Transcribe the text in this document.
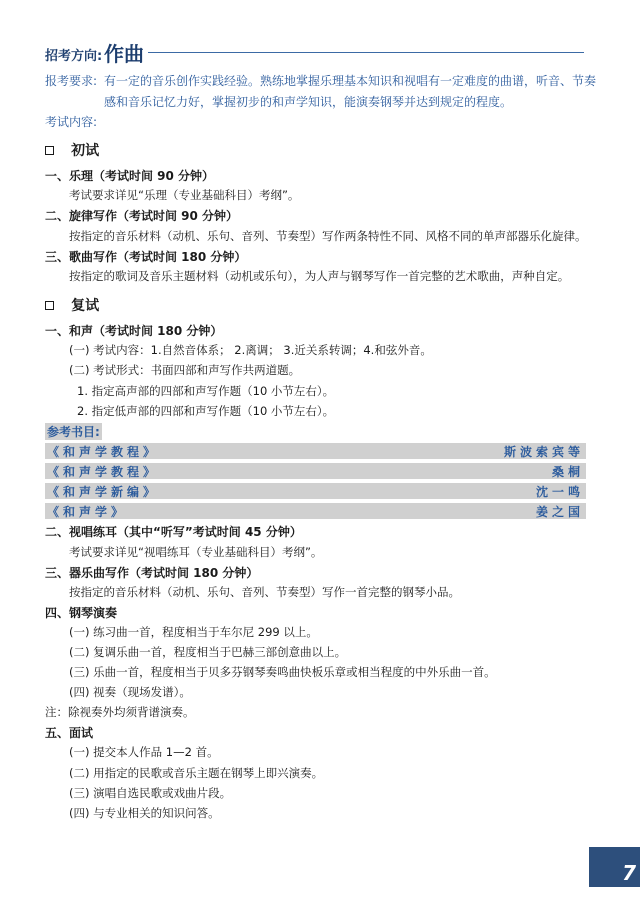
招考方向: 作曲
报考要求: 有一定的音乐创作实践经验。熟练地掌握乐理基本知识和视唱有一定难度的曲谱，听音、节奏
感和音乐记忆力好，掌握初步的和声学知识，能演奏钢琴并达到规定的程度。
考试内容:
初试
一、乐理（考试时间 90 分钟）
考试要求详见“乐理（专业基础科目）考纲”。
二、旋律写作（考试时间 90 分钟）
按指定的音乐材料（动机、乐句、音列、节奏型）写作两条特性不同、风格不同的单声部器乐化旋律。
三、歌曲写作（考试时间 180 分钟）
按指定的歌词及音乐主题材料（动机或乐句），为人声与钢琴写作一首完整的艺术歌曲，声种自定。
复试
一、和声（考试时间 180 分钟）
(一) 考试内容：1.自然音体系； 2.离调； 3.近关系转调；4.和弦外音。
(二) 考试形式：书面四部和声写作共两道题。
1. 指定高声部的四部和声写作题（10 小节左右）。
2. 指定低声部的四部和声写作题（10 小节左右）。
参考书目:
《和声学教程》	斯波索宾等
《和声学教程》	桑桐
《和声学新编》	沈一鸣
《和声学》	姜之国
二、视唱练耳（其中“听写”考试时间 45 分钟）
考试要求详见“视唱练耳（专业基础科目）考纲”。
三、器乐曲写作（考试时间 180 分钟）
按指定的音乐材料（动机、乐句、音列、节奏型）写作一首完整的钢琴小品。
四、钢琴演奏
(一) 练习曲一首，程度相当于车尔尼 299 以上。
(二) 复调乐曲一首，程度相当于巴赫三部创意曲以上。
(三) 乐曲一首，程度相当于贝多芬钢琴奏鸣曲快板乐章或相当程度的中外乐曲一首。
(四) 视奏（现场发谱）。
注：除视奏外均须背谱演奏。
五、面试
(一) 提交本人作品 1—2 首。
(二) 用指定的民歌或音乐主题在钢琴上即兴演奏。
(三) 演唱自选民歌或戏曲片段。
(四) 与专业相关的知识问答。
7
